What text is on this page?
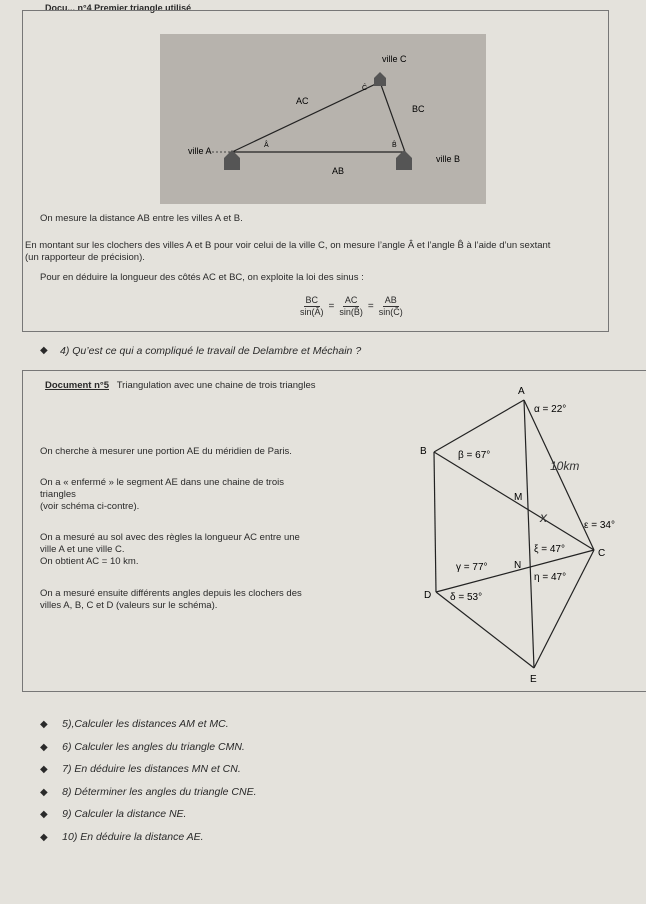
Docu... n°4 Premier triangle utilisé
ville C
AC
BC
ville A
ville B
AB
Â	B̂
Ĉ
On mesure la distance AB entre les villes A et B.
En montant sur les clochers des villes A et B pour voir celui de la ville C, on mesure l’angle Â et l’angle B̂ à l’aide d’un sextant
(un rapporteur de précision).
Pour en déduire la longueur des côtés AC et BC, on exploite la loi des sinus :
$\frac{BC}{\sin(Â)} = \frac{AC}{\sin(B̂)} = \frac{AB}{\sin(Ĉ)}$
◆ 4) Qu’est ce qui a compliqué le travail de Delambre et Méchain ?
Document n°5 Triangulation avec une chaine de trois triangles
On cherche à mesurer une portion AE du méridien de Paris.
On a « enfermé » le segment AE dans une chaine de trois
triangles
(voir schéma ci-contre).
On a mesuré au sol avec des règles la longueur AC entre une
ville A et une ville C.
On obtient AC = 10 km.
On a mesuré ensuite différents angles depuis les clochers des
villes A, B, C et D (valeurs sur le schéma).
A
B
M
N
C
D
E
α = 22°
β = 67°
ε = 34°
ξ = 47°
γ = 77°
η = 47°
δ = 53°
10km
x
◆ 5),Calculer les distances AM et MC.
◆ 6) Calculer les angles du triangle CMN.
◆ 7) En déduire les distances MN et CN.
◆ 8) Déterminer les angles du triangle CNE.
◆ 9) Calculer la distance NE.
◆ 10) En déduire la distance AE.
